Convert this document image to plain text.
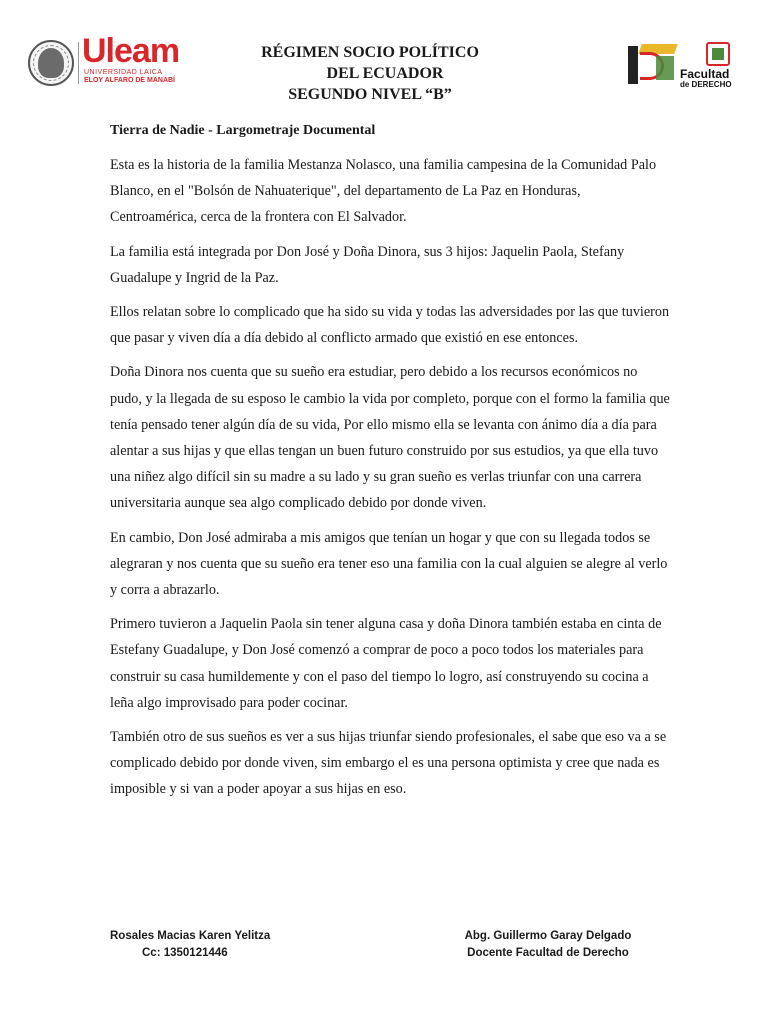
Uleam
UNIVERSIDAD LAICA
ELOY ALFARO DE MANABÍ
RÉGIMEN SOCIO POLÍTICO
DEL ECUADOR
SEGUNDO NIVEL “B”
Facultad
de DERECHO
Tierra de Nadie - Largometraje Documental

Esta es la historia de la familia Mestanza Nolasco, una familia campesina de la Comunidad Palo Blanco, en el "Bolsón de Nahuaterique", del departamento de La Paz en Honduras, Centroamérica, cerca de la frontera con El Salvador.

La familia está integrada por Don José y Doña Dinora, sus 3 hijos: Jaquelin Paola, Stefany Guadalupe y Ingrid de la Paz.

Ellos relatan sobre lo complicado que ha sido su vida y todas las adversidades por las que tuvieron que pasar y viven día a día debido al conflicto armado que existió en ese entonces.

Doña Dinora nos cuenta que su sueño era estudiar, pero debido a los recursos económicos no pudo, y la llegada de su esposo le cambio la vida por completo, porque con el formo la familia que tenía pensado tener algún día de su vida, Por ello mismo ella se levanta con ánimo día a día para alentar a sus hijas y que ellas tengan un buen futuro construido por sus estudios, ya que ella tuvo una niñez algo difícil sin su madre a su lado y su gran sueño es verlas triunfar con una carrera universitaria aunque sea algo complicado debido por donde viven.

En cambio, Don José admiraba a mis amigos que tenían un hogar y que con su llegada todos se alegraran y nos cuenta que su sueño era tener eso una familia con la cual alguien se alegre al verlo y corra a abrazarlo.

Primero tuvieron a Jaquelin Paola sin tener alguna casa y doña Dinora también estaba en cinta de Estefany Guadalupe, y Don José comenzó a comprar de poco a poco todos los materiales para construir su casa humildemente y con el paso del tiempo lo logro, así construyendo su cocina a leña algo improvisado para poder cocinar.

También otro de sus sueños es ver a sus hijas triunfar siendo profesionales, el sabe que eso va a se complicado debido por donde viven, sim embargo el es una persona optimista y cree que nada es imposible y si van a poder apoyar a sus hijas en eso.

Rosales Macias Karen Yelitza
Cc: 1350121446
Abg. Guillermo Garay Delgado
Docente Facultad de Derecho
